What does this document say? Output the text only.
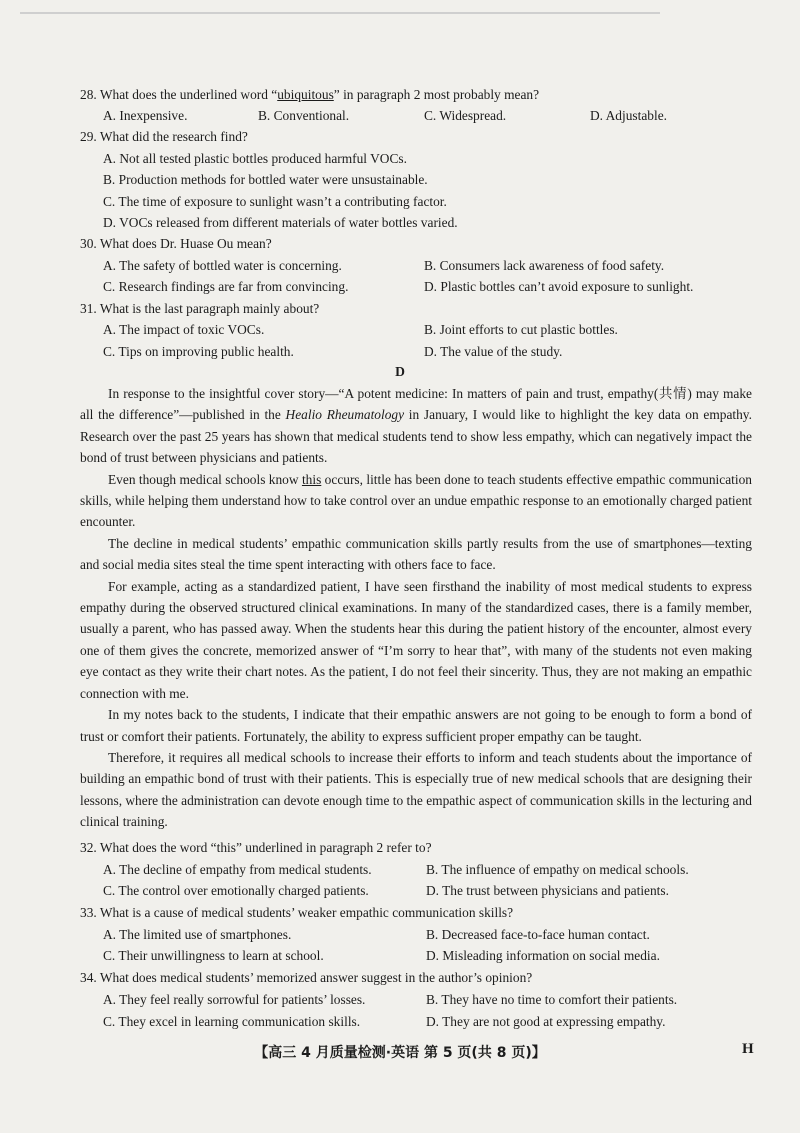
28. What does the underlined word “ubiquitous” in paragraph 2 most probably mean?
A. Inexpensive.	B. Conventional.	C. Widespread.	D. Adjustable.
29. What did the research find?
A. Not all tested plastic bottles produced harmful VOCs.
B. Production methods for bottled water were unsustainable.
C. The time of exposure to sunlight wasn’t a contributing factor.
D. VOCs released from different materials of water bottles varied.
30. What does Dr. Huase Ou mean?
A. The safety of bottled water is concerning.	B. Consumers lack awareness of food safety.
C. Research findings are far from convincing.	D. Plastic bottles can’t avoid exposure to sunlight.
31. What is the last paragraph mainly about?
A. The impact of toxic VOCs.	B. Joint efforts to cut plastic bottles.
C. Tips on improving public health.	D. The value of the study.
D

In response to the insightful cover story—“A potent medicine: In matters of pain and trust, empathy(共情) may make all the difference”—published in the Healio Rheumatology in January, I would like to highlight the key data on empathy. Research over the past 25 years has shown that medical students tend to show less empathy, which can negatively impact the bond of trust between physicians and patients.

Even though medical schools know this occurs, little has been done to teach students effective empathic communication skills, while helping them understand how to take control over an undue empathic response to an emotionally charged patient encounter.

The decline in medical students’ empathic communication skills partly results from the use of smartphones—texting and social media sites steal the time spent interacting with others face to face.

For example, acting as a standardized patient, I have seen firsthand the inability of most medical students to express empathy during the observed structured clinical examinations. In many of the standardized cases, there is a family member, usually a parent, who has passed away. When the students hear this during the patient history of the encounter, almost every one of them gives the concrete, memorized answer of “I’m sorry to hear that”, with many of the students not even making eye contact as they write their chart notes. As the patient, I do not feel their sincerity. Thus, they are not making an empathic connection with me.

In my notes back to the students, I indicate that their empathic answers are not going to be enough to form a bond of trust or comfort their patients. Fortunately, the ability to express sufficient proper empathy can be taught.

Therefore, it requires all medical schools to increase their efforts to inform and teach students about the importance of building an empathic bond of trust with their patients. This is especially true of new medical schools that are designing their lessons, where the administration can devote enough time to the empathic aspect of communication skills in the lecturing and clinical training.

32. What does the word “this” underlined in paragraph 2 refer to?
A. The decline of empathy from medical students.	B. The influence of empathy on medical schools.
C. The control over emotionally charged patients.	D. The trust between physicians and patients.
33. What is a cause of medical students’ weaker empathic communication skills?
A. The limited use of smartphones.	B. Decreased face-to-face human contact.
C. Their unwillingness to learn at school.	D. Misleading information on social media.
34. What does medical students’ memorized answer suggest in the author’s opinion?
A. They feel really sorrowful for patients’ losses.	B. They have no time to comfort their patients.
C. They excel in learning communication skills.	D. They are not good at expressing empathy.
【高三 4 月质量检测·英语 第 5 页(共 8 页)】	H
